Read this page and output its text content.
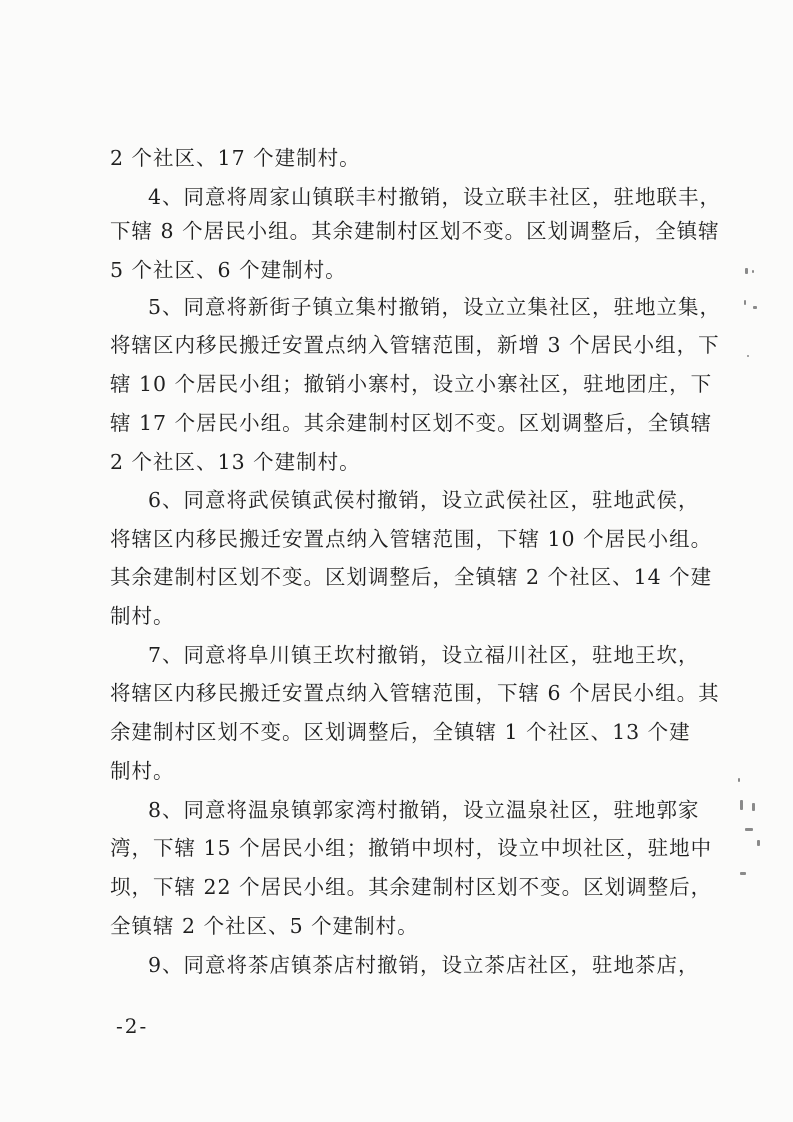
2 个社区、17 个建制村。
4、同意将周家山镇联丰村撤销，设立联丰社区，驻地联丰，
下辖 8 个居民小组。其余建制村区划不变。区划调整后，全镇辖
5 个社区、6 个建制村。
5、同意将新街子镇立集村撤销，设立立集社区，驻地立集，
将辖区内移民搬迁安置点纳入管辖范围，新增 3 个居民小组，下
辖 10 个居民小组；撤销小寨村，设立小寨社区，驻地团庄，下
辖 17 个居民小组。其余建制村区划不变。区划调整后，全镇辖
2 个社区、13 个建制村。
6、同意将武侯镇武侯村撤销，设立武侯社区，驻地武侯，
将辖区内移民搬迁安置点纳入管辖范围，下辖 10 个居民小组。
其余建制村区划不变。区划调整后，全镇辖 2 个社区、14 个建
制村。
7、同意将阜川镇王坎村撤销，设立福川社区，驻地王坎，
将辖区内移民搬迁安置点纳入管辖范围，下辖 6 个居民小组。其
余建制村区划不变。区划调整后，全镇辖 1 个社区、13 个建
制村。
8、同意将温泉镇郭家湾村撤销，设立温泉社区，驻地郭家
湾，下辖 15 个居民小组；撤销中坝村，设立中坝社区，驻地中
坝，下辖 22 个居民小组。其余建制村区划不变。区划调整后，
全镇辖 2 个社区、5 个建制村。
9、同意将茶店镇茶店村撤销，设立茶店社区，驻地茶店，
-2-
